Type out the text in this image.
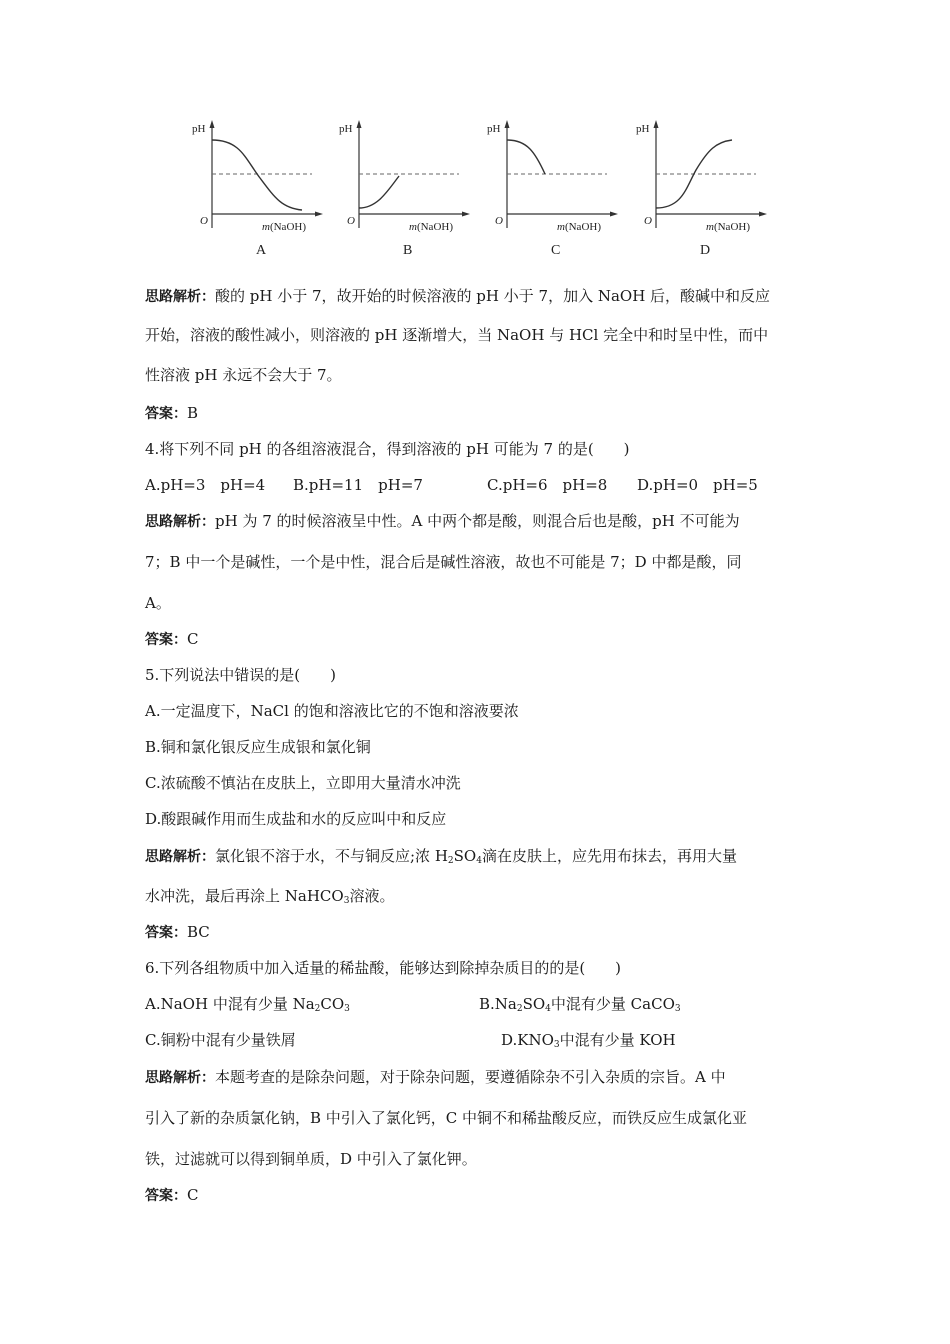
pH
O	m(NaOH)
A
pH
O	m(NaOH)
B
pH
O	m(NaOH)
C
pH
O	m(NaOH)
D
思路解析：酸的 pH 小于 7，故开始的时候溶液的 pH 小于 7，加入 NaOH 后，酸碱中和反应
开始，溶液的酸性减小，则溶液的 pH 逐渐增大，当 NaOH 与 HCl 完全中和时呈中性，而中
性溶液 pH 永远不会大于 7。
答案：B
4.将下列不同 pH 的各组溶液混合，得到溶液的 pH 可能为 7 的是(　　)
A.pH=3　pH=4 B.pH=11　pH=7	C.pH=6　pH=8 D.pH=0　pH=5
思路解析：pH 为 7 的时候溶液呈中性。A 中两个都是酸，则混合后也是酸，pH 不可能为
7；B 中一个是碱性，一个是中性，混合后是碱性溶液，故也不可能是 7；D 中都是酸，同
A。
答案：C
5.下列说法中错误的是(　　)
A.一定温度下，NaCl 的饱和溶液比它的不饱和溶液要浓
B.铜和氯化银反应生成银和氯化铜
C.浓硫酸不慎沾在皮肤上，立即用大量清水冲洗
D.酸跟碱作用而生成盐和水的反应叫中和反应
思路解析：氯化银不溶于水，不与铜反应;浓 $H_2SO_4$滴在皮肤上，应先用布抹去，再用大量
水冲洗，最后再涂上 NaHCO$_3$溶液。
答案：BC
6.下列各组物质中加入适量的稀盐酸，能够达到除掉杂质目的的是(　　)
A.NaOH 中混有少量 $Na_2CO_3$	$B.Na_2SO_4$中混有少量 CaCO$_3$
C.铜粉中混有少量铁屑	$D.KNO_3$中混有少量 KOH
思路解析：本题考查的是除杂问题，对于除杂问题，要遵循除杂不引入杂质的宗旨。A 中
引入了新的杂质氯化钠，B 中引入了氯化钙，C 中铜不和稀盐酸反应，而铁反应生成氯化亚
铁，过滤就可以得到铜单质，D 中引入了氯化钾。
答案：C
